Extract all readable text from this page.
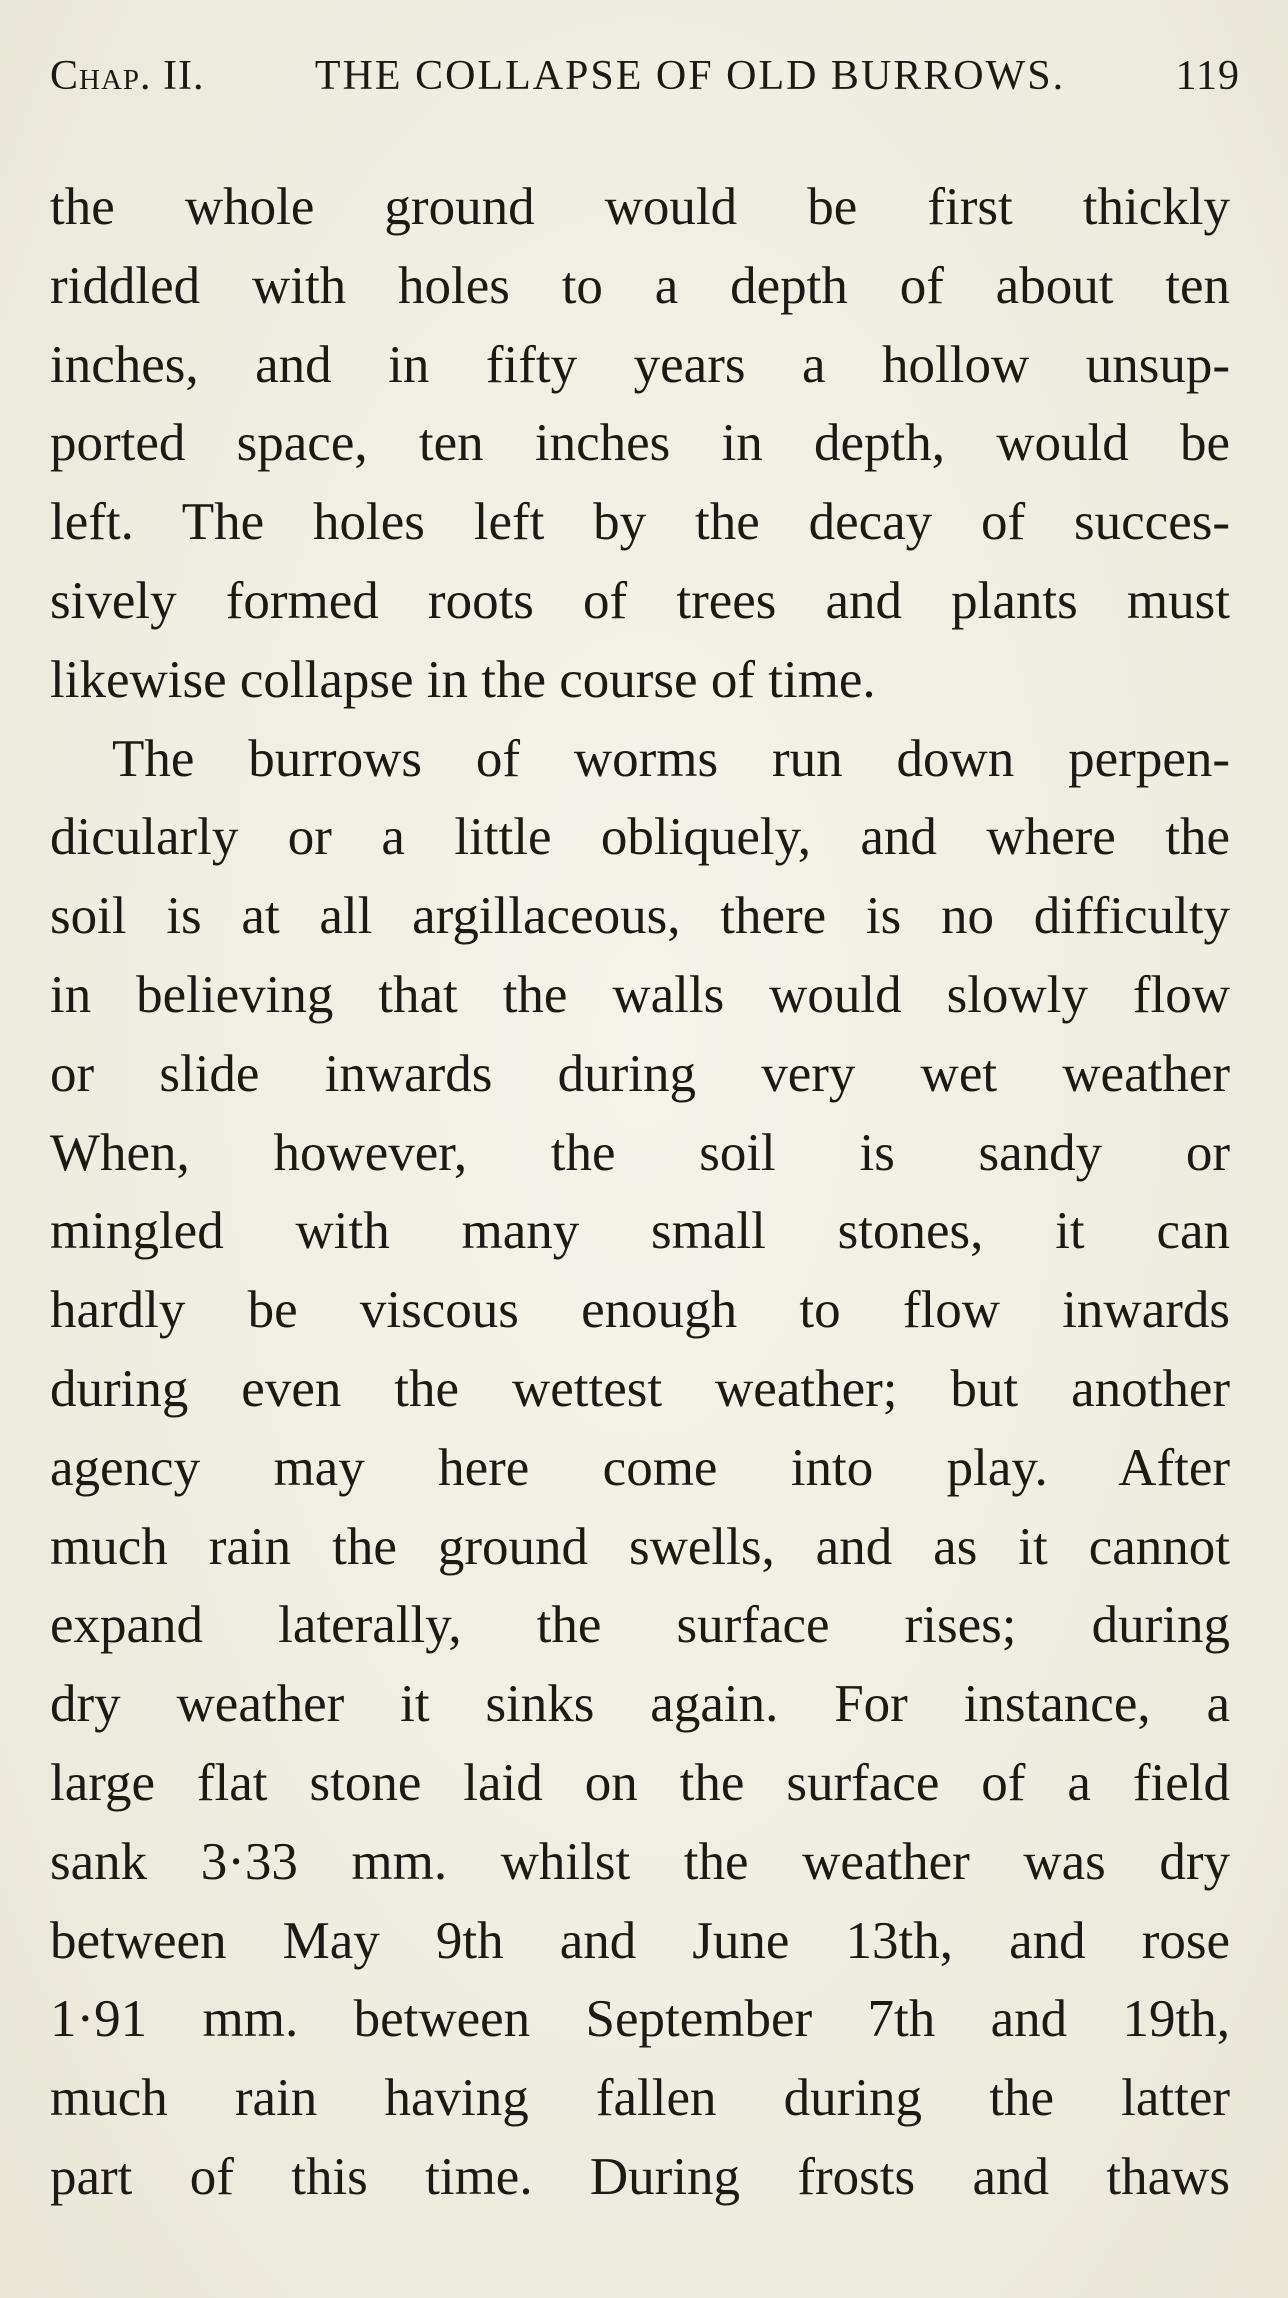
Chap. II.	THE COLLAPSE OF OLD BURROWS.	119
the whole ground would be first thickly
riddled with holes to a depth of about ten
inches, and in fifty years a hollow unsup-
ported space, ten inches in depth, would be
left. The holes left by the decay of succes-
sively formed roots of trees and plants must
likewise collapse in the course of time.
The burrows of worms run down perpen-
dicularly or a little obliquely, and where the
soil is at all argillaceous, there is no difficulty
in believing that the walls would slowly flow
or slide inwards during very wet weather
When, however, the soil is sandy or
mingled with many small stones, it can
hardly be viscous enough to flow inwards
during even the wettest weather; but another
agency may here come into play. After
much rain the ground swells, and as it cannot
expand laterally, the surface rises; during
dry weather it sinks again. For instance, a
large flat stone laid on the surface of a field
sank 3·33 mm. whilst the weather was dry
between May 9th and June 13th, and rose
1·91 mm. between September 7th and 19th,
much rain having fallen during the latter
part of this time. During frosts and thaws
